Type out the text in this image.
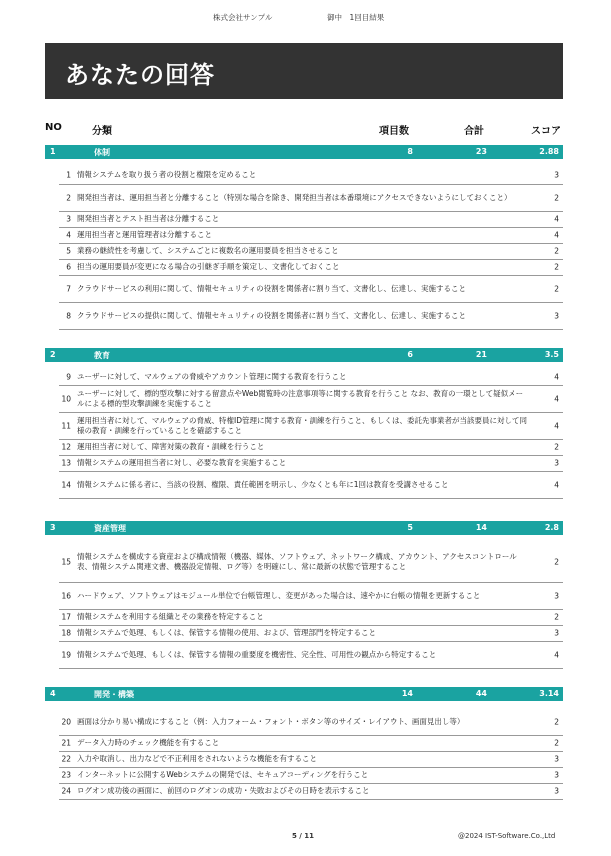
株式会社サンプル	御中　1回目結果
あなたの回答
NO	分類	項目数	合計	スコア
1	体制	8	23	2.88
1 情報システムを取り扱う者の役割と権限を定めること	3
2 開発担当者は、運用担当者と分離すること（特別な場合を除き、開発担当者は本番環境にアクセスできないようにしておくこと）	2
3 開発担当者とテスト担当者は分離すること	4
4 運用担当者と運用管理者は分離すること	4
5 業務の継続性を考慮して、システムごとに複数名の運用要員を担当させること	2
6 担当の運用要員が変更になる場合の引継ぎ手順を策定し、文書化しておくこと	2
7 クラウドサービスの利用に関して、情報セキュリティの役割を関係者に割り当て、文書化し、伝達し、実施すること	2
8 クラウドサービスの提供に関して、情報セキュリティの役割を関係者に割り当て、文書化し、伝達し、実施すること	3
2	教育	6	21	3.5
9 ユーザーに対して、マルウェアの脅威やアカウント管理に関する教育を行うこと	4
10
ユーザーに対して、標的型攻撃に対する留意点やWeb閲覧時の注意事項等に関する教育を行うこと なお、教育の一環として疑似メールによる標的型攻撃訓練を実施すること	4
11
運用担当者に対して、マルウェアの脅威、特権ID管理に関する教育・訓練を行うこと、もしくは、委託先事業者が当該要員に対して同様の教育・訓練を行っていることを確認すること	4
12 運用担当者に対して、障害対策の教育・訓練を行うこと	2
13 情報システムの運用担当者に対し、必要な教育を実施すること	3
14 情報システムに係る者に、当該の役割、権限、責任範囲を明示し、少なくとも年に1回は教育を受講させること	4
3	資産管理	5	14	2.8
15
情報システムを構成する資産および構成情報（機器、媒体、ソフトウェア、ネットワーク構成、アカウント、アクセスコントロール表、情報システム関連文書、機器設定情報、ログ等）を明確にし、常に最新の状態で管理すること	2
16 ハードウェア、ソフトウェアはモジュール単位で台帳管理し、変更があった場合は、速やかに台帳の情報を更新すること	3
17 情報システムを利用する組織とその業務を特定すること	2
18 情報システムで処理、もしくは、保管する情報の使用、および、管理部門を特定すること	3
19 情報システムで処理、もしくは、保管する情報の重要度を機密性、完全性、可用性の観点から特定すること	4
4	開発・構築	14	44	3.14
20 画面は分かり易い構成にすること（例：入力フォーム・フォント・ボタン等のサイズ・レイアウト、画面見出し等）	2
21 データ入力時のチェック機能を有すること	2
22 入力や取消し、出力などで不正利用をされないような機能を有すること	3
23 インターネットに公開するWebシステムの開発では、セキュアコーディングを行うこと	3
24 ログオン成功後の画面に、前回のログオンの成功・失敗およびその日時を表示すること	3
5 / 11	@2024 IST-Software.Co.,Ltd
